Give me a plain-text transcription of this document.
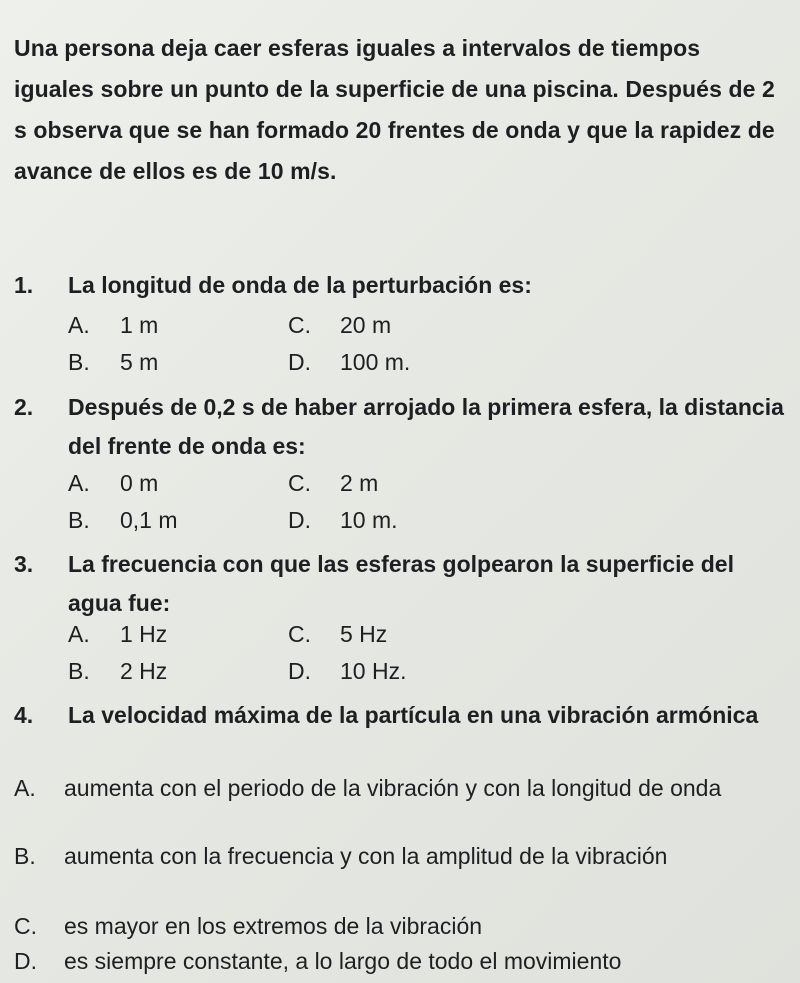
Una persona deja caer esferas iguales a intervalos de tiempos iguales sobre un punto de la superficie de una piscina. Después de 2 s observa que se han formado 20 frentes de onda y que la rapidez de avance de ellos es de 10 m/s.
1. La longitud de onda de la perturbación es:
A. 1 m	C. 20 m
B. 5 m	D. 100 m.
2. Después de 0,2 s de haber arrojado la primera esfera, la distancia del frente de onda es:
A. 0 m	C. 2 m
B. 0,1 m	D. 10 m.
3. La frecuencia con que las esferas golpearon la superficie del agua fue:
A. 1 Hz	C. 5 Hz
B. 2 Hz	D. 10 Hz.
4. La velocidad máxima de la partícula en una vibración armónica
A. aumenta con el periodo de la vibración y con la longitud de onda
B. aumenta con la frecuencia y con la amplitud de la vibración
C. es mayor en los extremos de la vibración
D. es siempre constante, a lo largo de todo el movimiento
